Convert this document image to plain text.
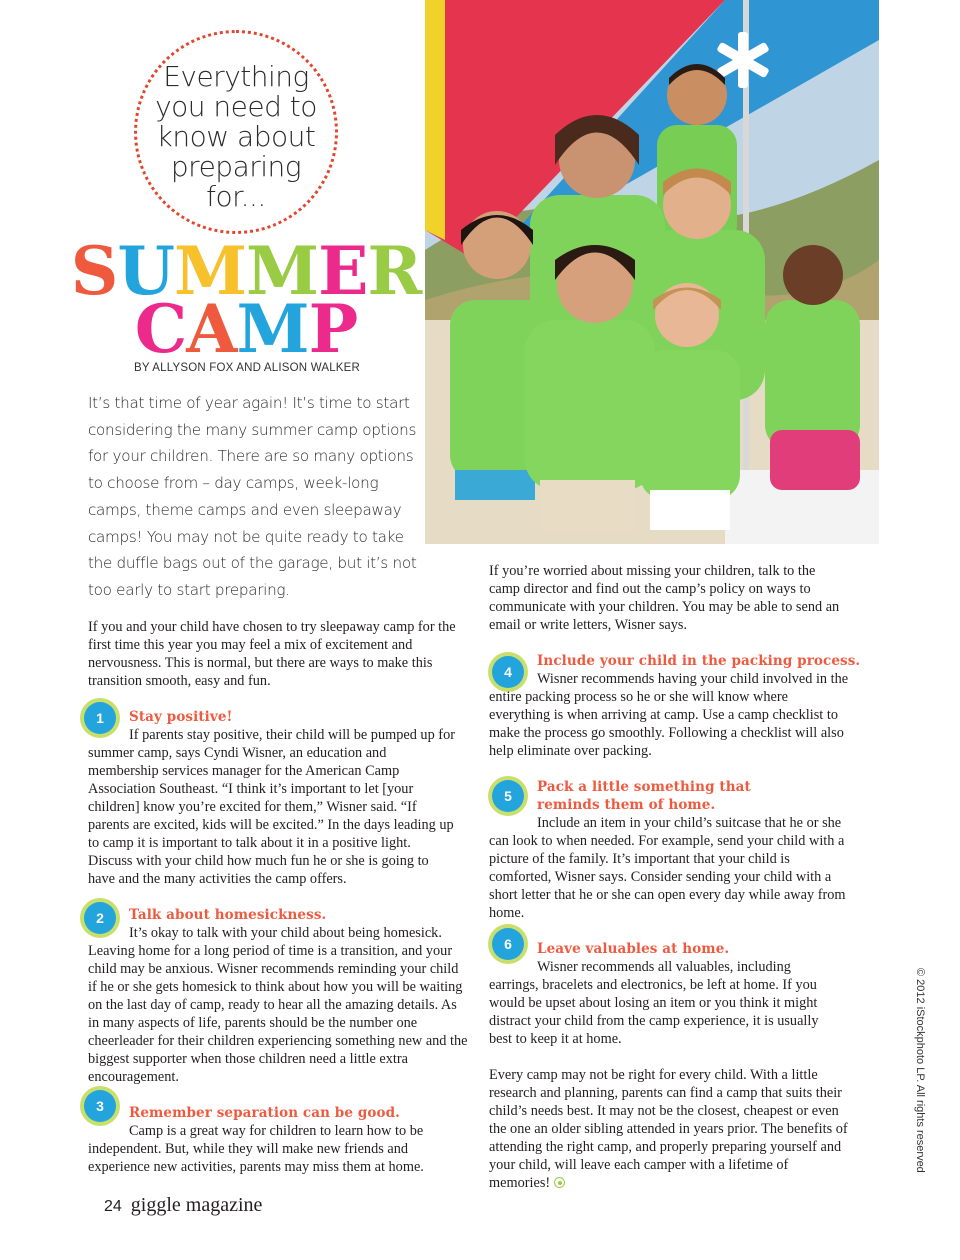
Everything
you need to
know about
preparing
for...
SUMMER
CAMP
BY ALLYSON FOX AND ALISON WALKER
It’s that time of year again! It’s time to start considering the many summer camp options for your children. There are so many options to choose from – day camps, week-long camps, theme camps and even sleepaway camps! You may not be quite ready to take the duffle bags out of the garage, but it’s not too early to start preparing.
If you and your child have chosen to try sleepaway camp for the first time this year you may feel a mix of excitement and nervousness. This is normal, but there are ways to make this transition smooth, easy and fun.
1	Stay positive!
If parents stay positive, their child will be pumped up for summer camp, says Cyndi Wisner, an education and membership services manager for the American Camp Association Southeast. “I think it’s important to let [your children] know you’re excited for them,” Wisner said. “If parents are excited, kids will be excited.” In the days leading up to camp it is important to talk about it in a positive light. Discuss with your child how much fun he or she is going to have and the many activities the camp offers.
2	Talk about homesickness.
It’s okay to talk with your child about being homesick. Leaving home for a long period of time is a transition, and your child may be anxious. Wisner recommends reminding your child if he or she gets homesick to think about how you will be waiting on the last day of camp, ready to hear all the amazing details. As in many aspects of life, parents should be the number one cheerleader for their children experiencing something new and the biggest supporter when those children need a little extra encouragement.
3	Remember separation can be good.
Camp is a great way for children to learn how to be independent. But, while they will make new friends and experience new activities, parents may miss them at home.
If you’re worried about missing your children, talk to the camp director and find out the camp’s policy on ways to communicate with your children. You may be able to send an email or write letters, Wisner says.
4
Include your child in the packing process.
Wisner recommends having your child involved in the entire packing process so he or she will know where everything is when arriving at camp. Use a camp checklist to make the process go smoothly. Following a checklist will also help eliminate over packing.
5
Pack a little something that reminds them of home.
Include an item in your child’s suitcase that he or she can look to when needed. For example, send your child with a picture of the family. It’s important that your child is comforted, Wisner says. Consider sending your child with a short letter that he or she can open every day while away from home.
6	Leave valuables at home.
Wisner recommends all valuables, including earrings, bracelets and electronics, be left at home. If you would be upset about losing an item or you think it might distract your child from the camp experience, it is usually best to keep it at home.
Every camp may not be right for every child. With a little research and planning, parents can find a camp that suits their child’s needs best. It may not be the closest, cheapest or even the one an older sibling attended in years prior. The benefits of attending the right camp, and properly preparing yourself and your child, will leave each camper with a lifetime of memories!
24 giggle magazine
© 2012 iStockphoto LP. All rights reserved
